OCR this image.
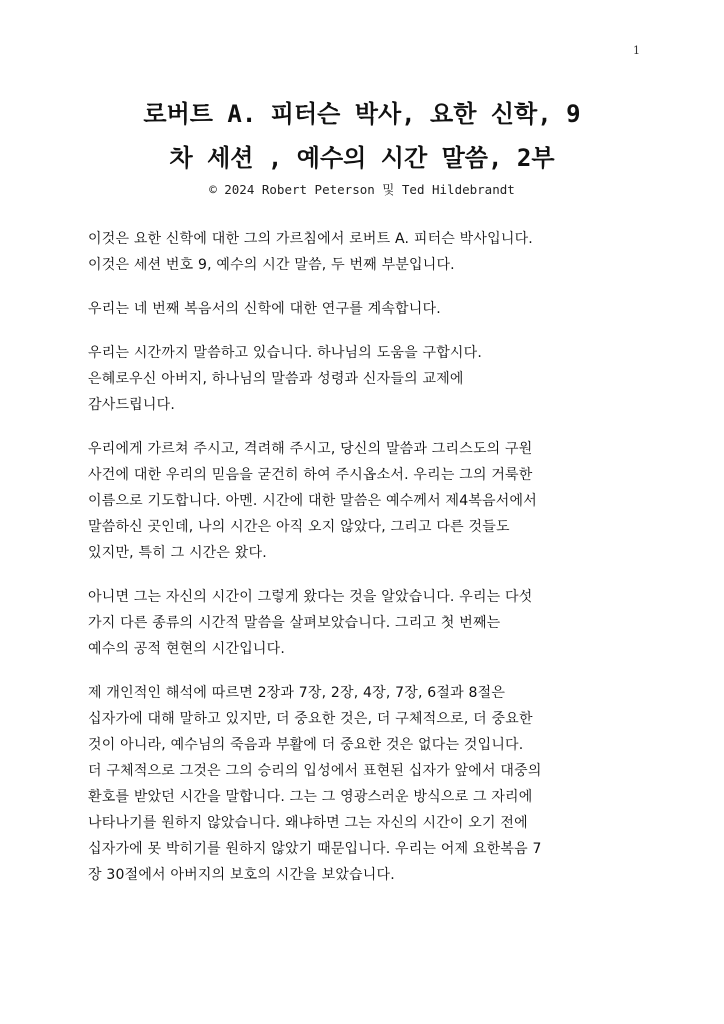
1
로버트 A. 피터슨 박사, 요한 신학, 9
차 세션 , 예수의 시간 말씀, 2부
© 2024 Robert Peterson 및 Ted Hildebrandt

이것은 요한 신학에 대한 그의 가르침에서 로버트 A. 피터슨 박사입니다.
이것은 세션 번호 9, 예수의 시간 말씀, 두 번째 부분입니다.

우리는 네 번째 복음서의 신학에 대한 연구를 계속합니다.

우리는 시간까지 말씀하고 있습니다. 하나님의 도움을 구합시다.
은혜로우신 아버지, 하나님의 말씀과 성령과 신자들의 교제에
감사드립니다.

우리에게 가르쳐 주시고, 격려해 주시고, 당신의 말씀과 그리스도의 구원
사건에 대한 우리의 믿음을 굳건히 하여 주시옵소서. 우리는 그의 거룩한
이름으로 기도합니다. 아멘. 시간에 대한 말씀은 예수께서 제4복음서에서
말씀하신 곳인데, 나의 시간은 아직 오지 않았다, 그리고 다른 것들도
있지만, 특히 그 시간은 왔다.

아니면 그는 자신의 시간이 그렇게 왔다는 것을 알았습니다. 우리는 다섯
가지 다른 종류의 시간적 말씀을 살펴보았습니다. 그리고 첫 번째는
예수의 공적 현현의 시간입니다.

제 개인적인 해석에 따르면 2장과 7장, 2장, 4장, 7장, 6절과 8절은
십자가에 대해 말하고 있지만, 더 중요한 것은, 더 구체적으로, 더 중요한
것이 아니라, 예수님의 죽음과 부활에 더 중요한 것은 없다는 것입니다.
더 구체적으로 그것은 그의 승리의 입성에서 표현된 십자가 앞에서 대중의
환호를 받았던 시간을 말합니다. 그는 그 영광스러운 방식으로 그 자리에
나타나기를 원하지 않았습니다. 왜냐하면 그는 자신의 시간이 오기 전에
십자가에 못 박히기를 원하지 않았기 때문입니다. 우리는 어제 요한복음 7
장 30절에서 아버지의 보호의 시간을 보았습니다.
